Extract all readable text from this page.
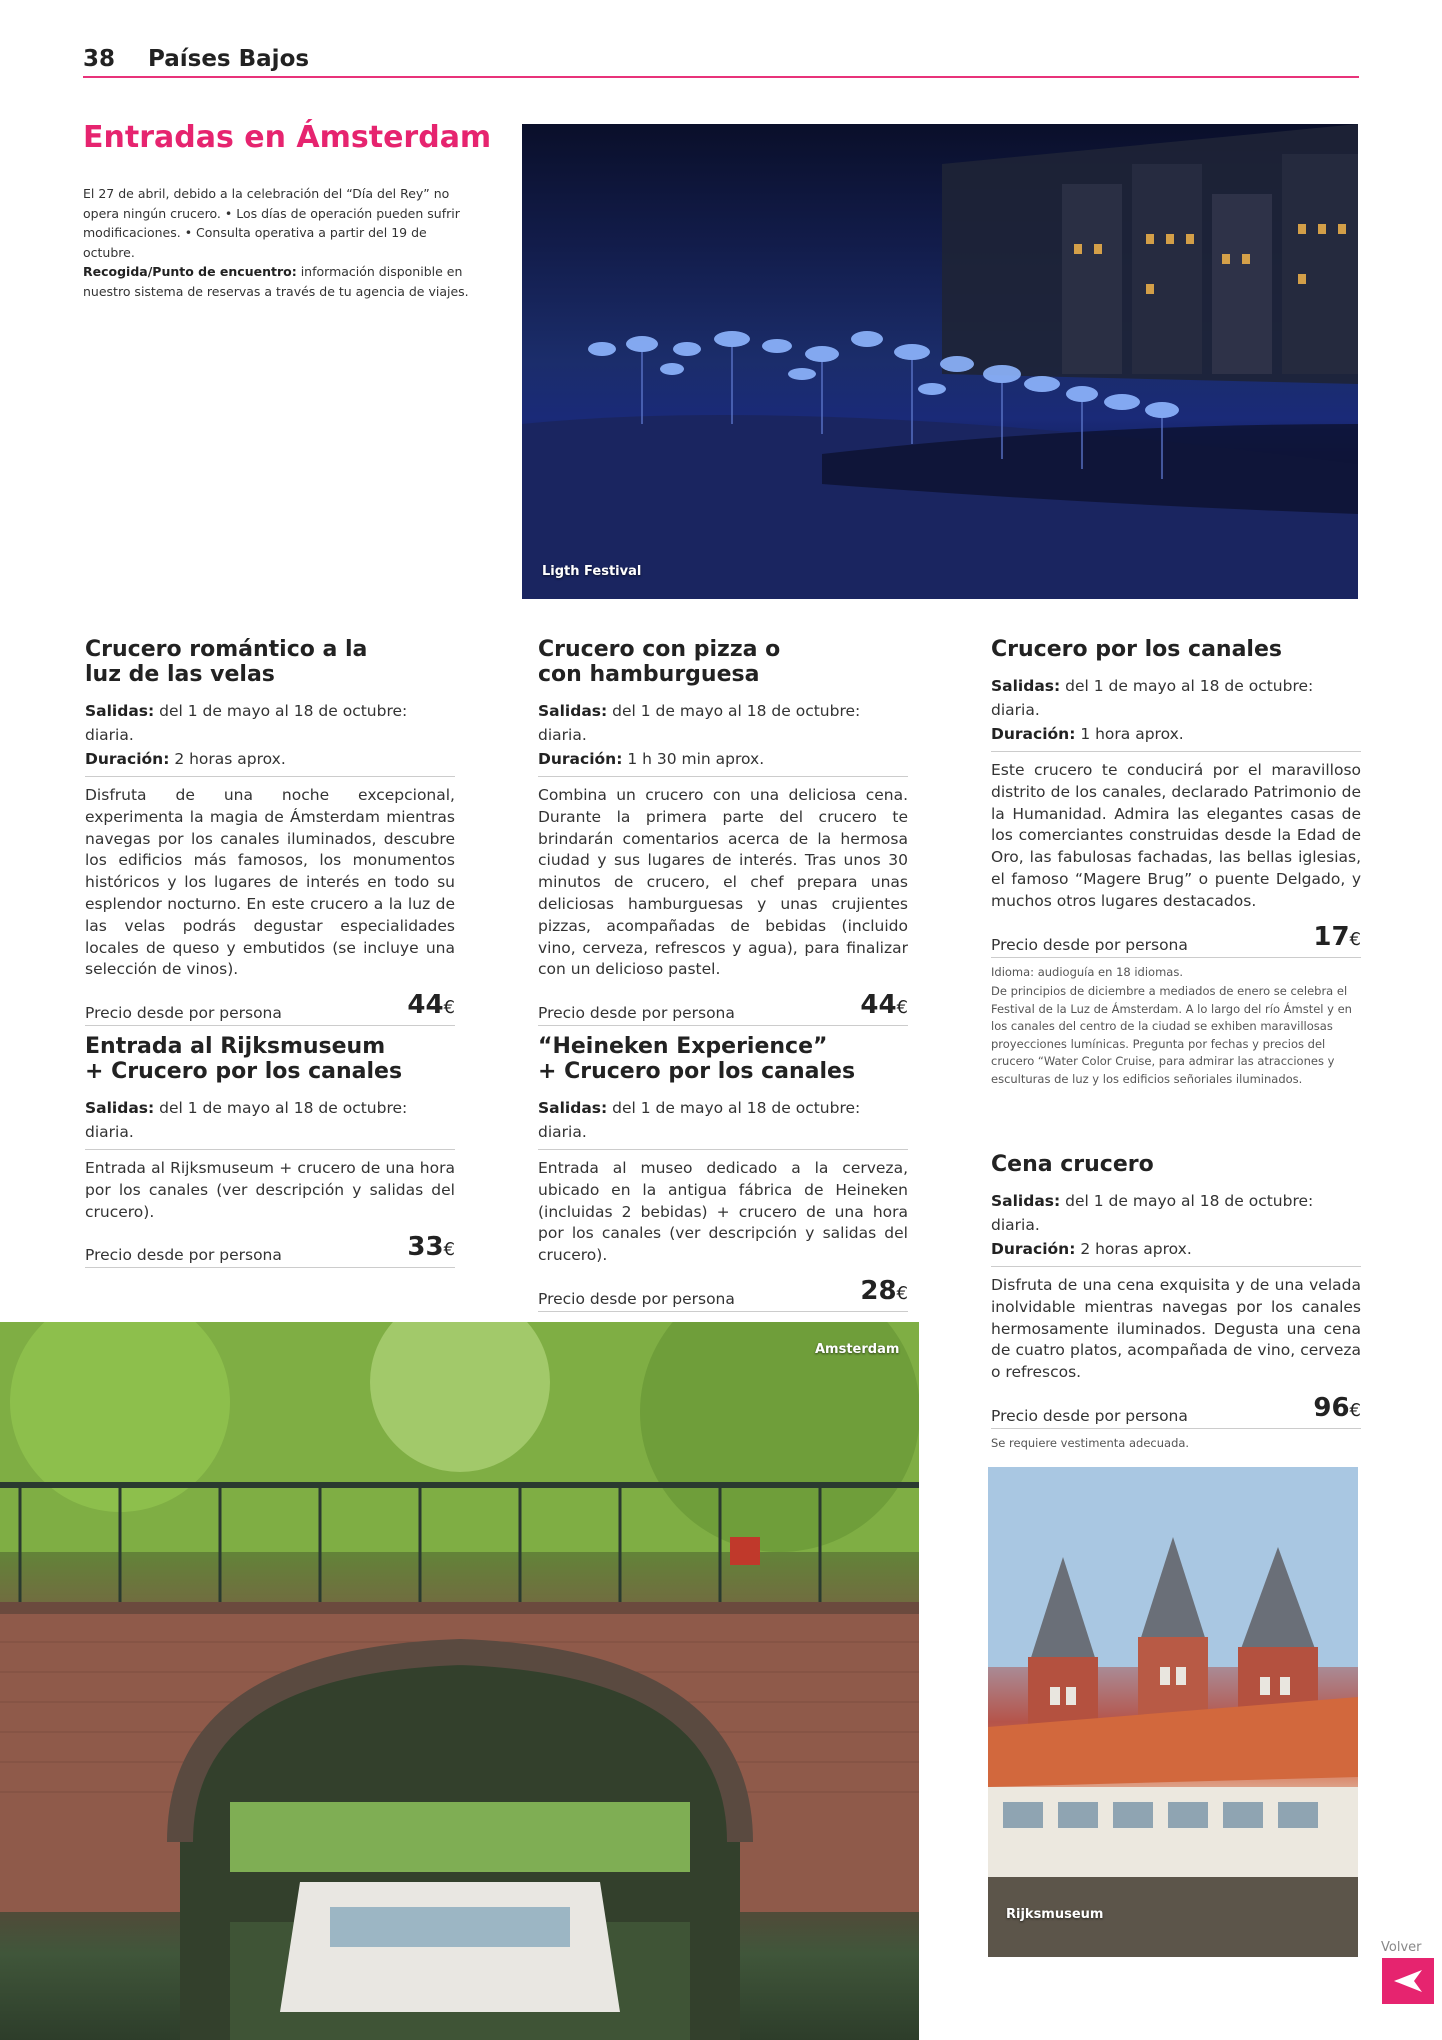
38 Países Bajos
Entradas en Ámsterdam
El 27 de abril, debido a la celebración del “Día del Rey” no opera ningún crucero. • Los días de operación pueden sufrir modificaciones. • Consulta operativa a partir del 19 de octubre.
Recogida/Punto de encuentro: información disponible en nuestro sistema de reservas a través de tu agencia de viajes.
Ligth Festival
Crucero romántico a la
luz de las velas
Salidas: del 1 de mayo al 18 de octubre: diaria.
Duración: 2 horas aprox.
Disfruta de una noche excepcional, experimenta la magia de Ámsterdam mientras navegas por los canales iluminados, descubre los edificios más famosos, los monumentos históricos y los lugares de interés en todo su esplendor nocturno. En este crucero a la luz de las velas podrás degustar especialidades locales de queso y embutidos (se incluye una selección de vinos).
Precio desde por persona	44€
Entrada al Rijksmuseum
+ Crucero por los canales
Salidas: del 1 de mayo al 18 de octubre: diaria.
Entrada al Rijksmuseum + crucero de una hora por los canales (ver descripción y salidas del crucero).
Precio desde por persona	33€
Crucero con pizza o
con hamburguesa
Salidas: del 1 de mayo al 18 de octubre: diaria.
Duración: 1 h 30 min aprox.
Combina un crucero con una deliciosa cena. Durante la primera parte del crucero te brindarán comentarios acerca de la hermosa ciudad y sus lugares de interés. Tras unos 30 minutos de crucero, el chef prepara unas deliciosas hamburguesas y unas crujientes pizzas, acompañadas de bebidas (incluido vino, cerveza, refrescos y agua), para finalizar con un delicioso pastel.
Precio desde por persona	44€
“Heineken Experience”
+ Crucero por los canales
Salidas: del 1 de mayo al 18 de octubre: diaria.
Entrada al museo dedicado a la cerveza, ubicado en la antigua fábrica de Heineken (incluidas 2 bebidas) + crucero de una hora por los canales (ver descripción y salidas del crucero).
Precio desde por persona	28€
Crucero por los canales
Salidas: del 1 de mayo al 18 de octubre: diaria.
Duración: 1 hora aprox.
Este crucero te conducirá por el maravilloso distrito de los canales, declarado Patrimonio de la Humanidad. Admira las elegantes casas de los comerciantes construidas desde la Edad de Oro, las fabulosas fachadas, las bellas iglesias, el famoso “Magere Brug” o puente Delgado, y muchos otros lugares destacados.
Precio desde por persona	17€
Idioma: audioguía en 18 idiomas.
De principios de diciembre a mediados de enero se celebra el Festival de la Luz de Ámsterdam. A lo largo del río Ámstel y en los canales del centro de la ciudad se exhiben maravillosas proyecciones lumínicas. Pregunta por fechas y precios del crucero “Water Color Cruise, para admirar las atracciones y esculturas de luz y los edificios señoriales iluminados.
Cena crucero
Salidas: del 1 de mayo al 18 de octubre: diaria.
Duración: 2 horas aprox.
Disfruta de una cena exquisita y de una velada inolvidable mientras navegas por los canales hermosamente iluminados. Degusta una cena de cuatro platos, acompañada de vino, cerveza o refrescos.
Precio desde por persona	96€
Se requiere vestimenta adecuada.
Amsterdam
Rijksmuseum
Volver
